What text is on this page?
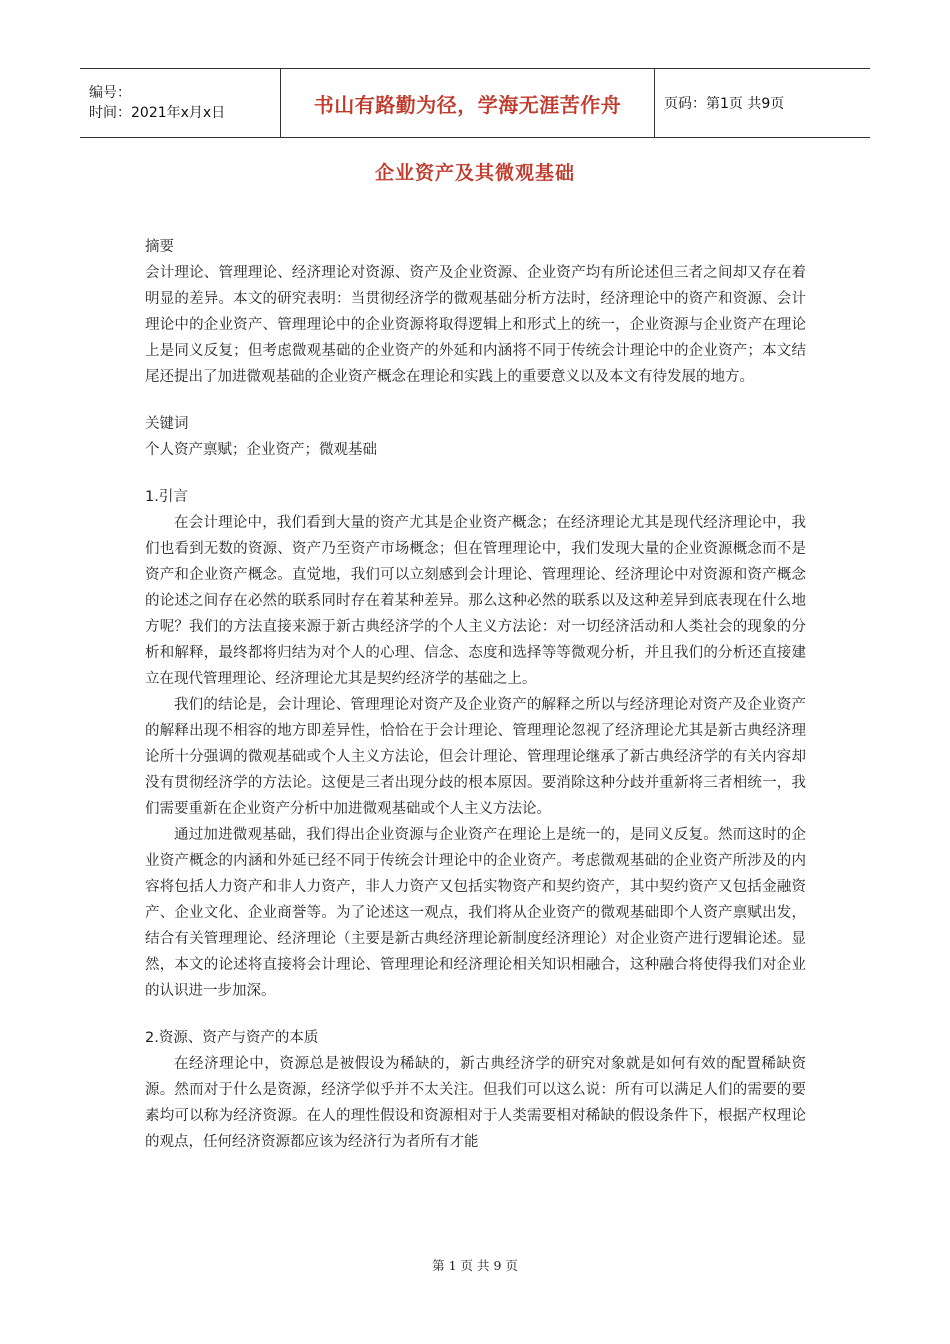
编号：
时间：2021年x月x日	书山有路勤为径，学海无涯苦作舟	页码：第1页 共9页
企业资产及其微观基础

摘要

会计理论、管理理论、经济理论对资源、资产及企业资源、企业资产均有所论述但三者之间却又存在着明显的差异。本文的研究表明：当贯彻经济学的微观基础分析方法时，经济理论中的资产和资源、会计理论中的企业资产、管理理论中的企业资源将取得逻辑上和形式上的统一，企业资源与企业资产在理论上是同义反复；但考虑微观基础的企业资产的外延和内涵将不同于传统会计理论中的企业资产；本文结尾还提出了加进微观基础的企业资产概念在理论和实践上的重要意义以及本文有待发展的地方。

关键词

个人资产禀赋；企业资产；微观基础

1.引言

在会计理论中，我们看到大量的资产尤其是企业资产概念；在经济理论尤其是现代经济理论中，我们也看到无数的资源、资产乃至资产市场概念；但在管理理论中，我们发现大量的企业资源概念而不是资产和企业资产概念。直觉地，我们可以立刻感到会计理论、管理理论、经济理论中对资源和资产概念的论述之间存在必然的联系同时存在着某种差异。那么这种必然的联系以及这种差异到底表现在什么地方呢？我们的方法直接来源于新古典经济学的个人主义方法论：对一切经济活动和人类社会的现象的分析和解释，最终都将归结为对个人的心理、信念、态度和选择等等微观分析，并且我们的分析还直接建立在现代管理理论、经济理论尤其是契约经济学的基础之上。

我们的结论是，会计理论、管理理论对资产及企业资产的解释之所以与经济理论对资产及企业资产的解释出现不相容的地方即差异性，恰恰在于会计理论、管理理论忽视了经济理论尤其是新古典经济理论所十分强调的微观基础或个人主义方法论，但会计理论、管理理论继承了新古典经济学的有关内容却没有贯彻经济学的方法论。这便是三者出现分歧的根本原因。要消除这种分歧并重新将三者相统一，我们需要重新在企业资产分析中加进微观基础或个人主义方法论。

通过加进微观基础，我们得出企业资源与企业资产在理论上是统一的，是同义反复。然而这时的企业资产概念的内涵和外延已经不同于传统会计理论中的企业资产。考虑微观基础的企业资产所涉及的内容将包括人力资产和非人力资产，非人力资产又包括实物资产和契约资产，其中契约资产又包括金融资产、企业文化、企业商誉等。为了论述这一观点，我们将从企业资产的微观基础即个人资产禀赋出发，结合有关管理理论、经济理论（主要是新古典经济理论新制度经济理论）对企业资产进行逻辑论述。显然，本文的论述将直接将会计理论、管理理论和经济理论相关知识相融合，这种融合将使得我们对企业的认识进一步加深。

2.资源、资产与资产的本质

在经济理论中，资源总是被假设为稀缺的，新古典经济学的研究对象就是如何有效的配置稀缺资源。然而对于什么是资源，经济学似乎并不太关注。但我们可以这么说：所有可以满足人们的需要的要素均可以称为经济资源。在人的理性假设和资源相对于人类需要相对稀缺的假设条件下，根据产权理论的观点，任何经济资源都应该为经济行为者所有才能

第 1 页 共 9 页
